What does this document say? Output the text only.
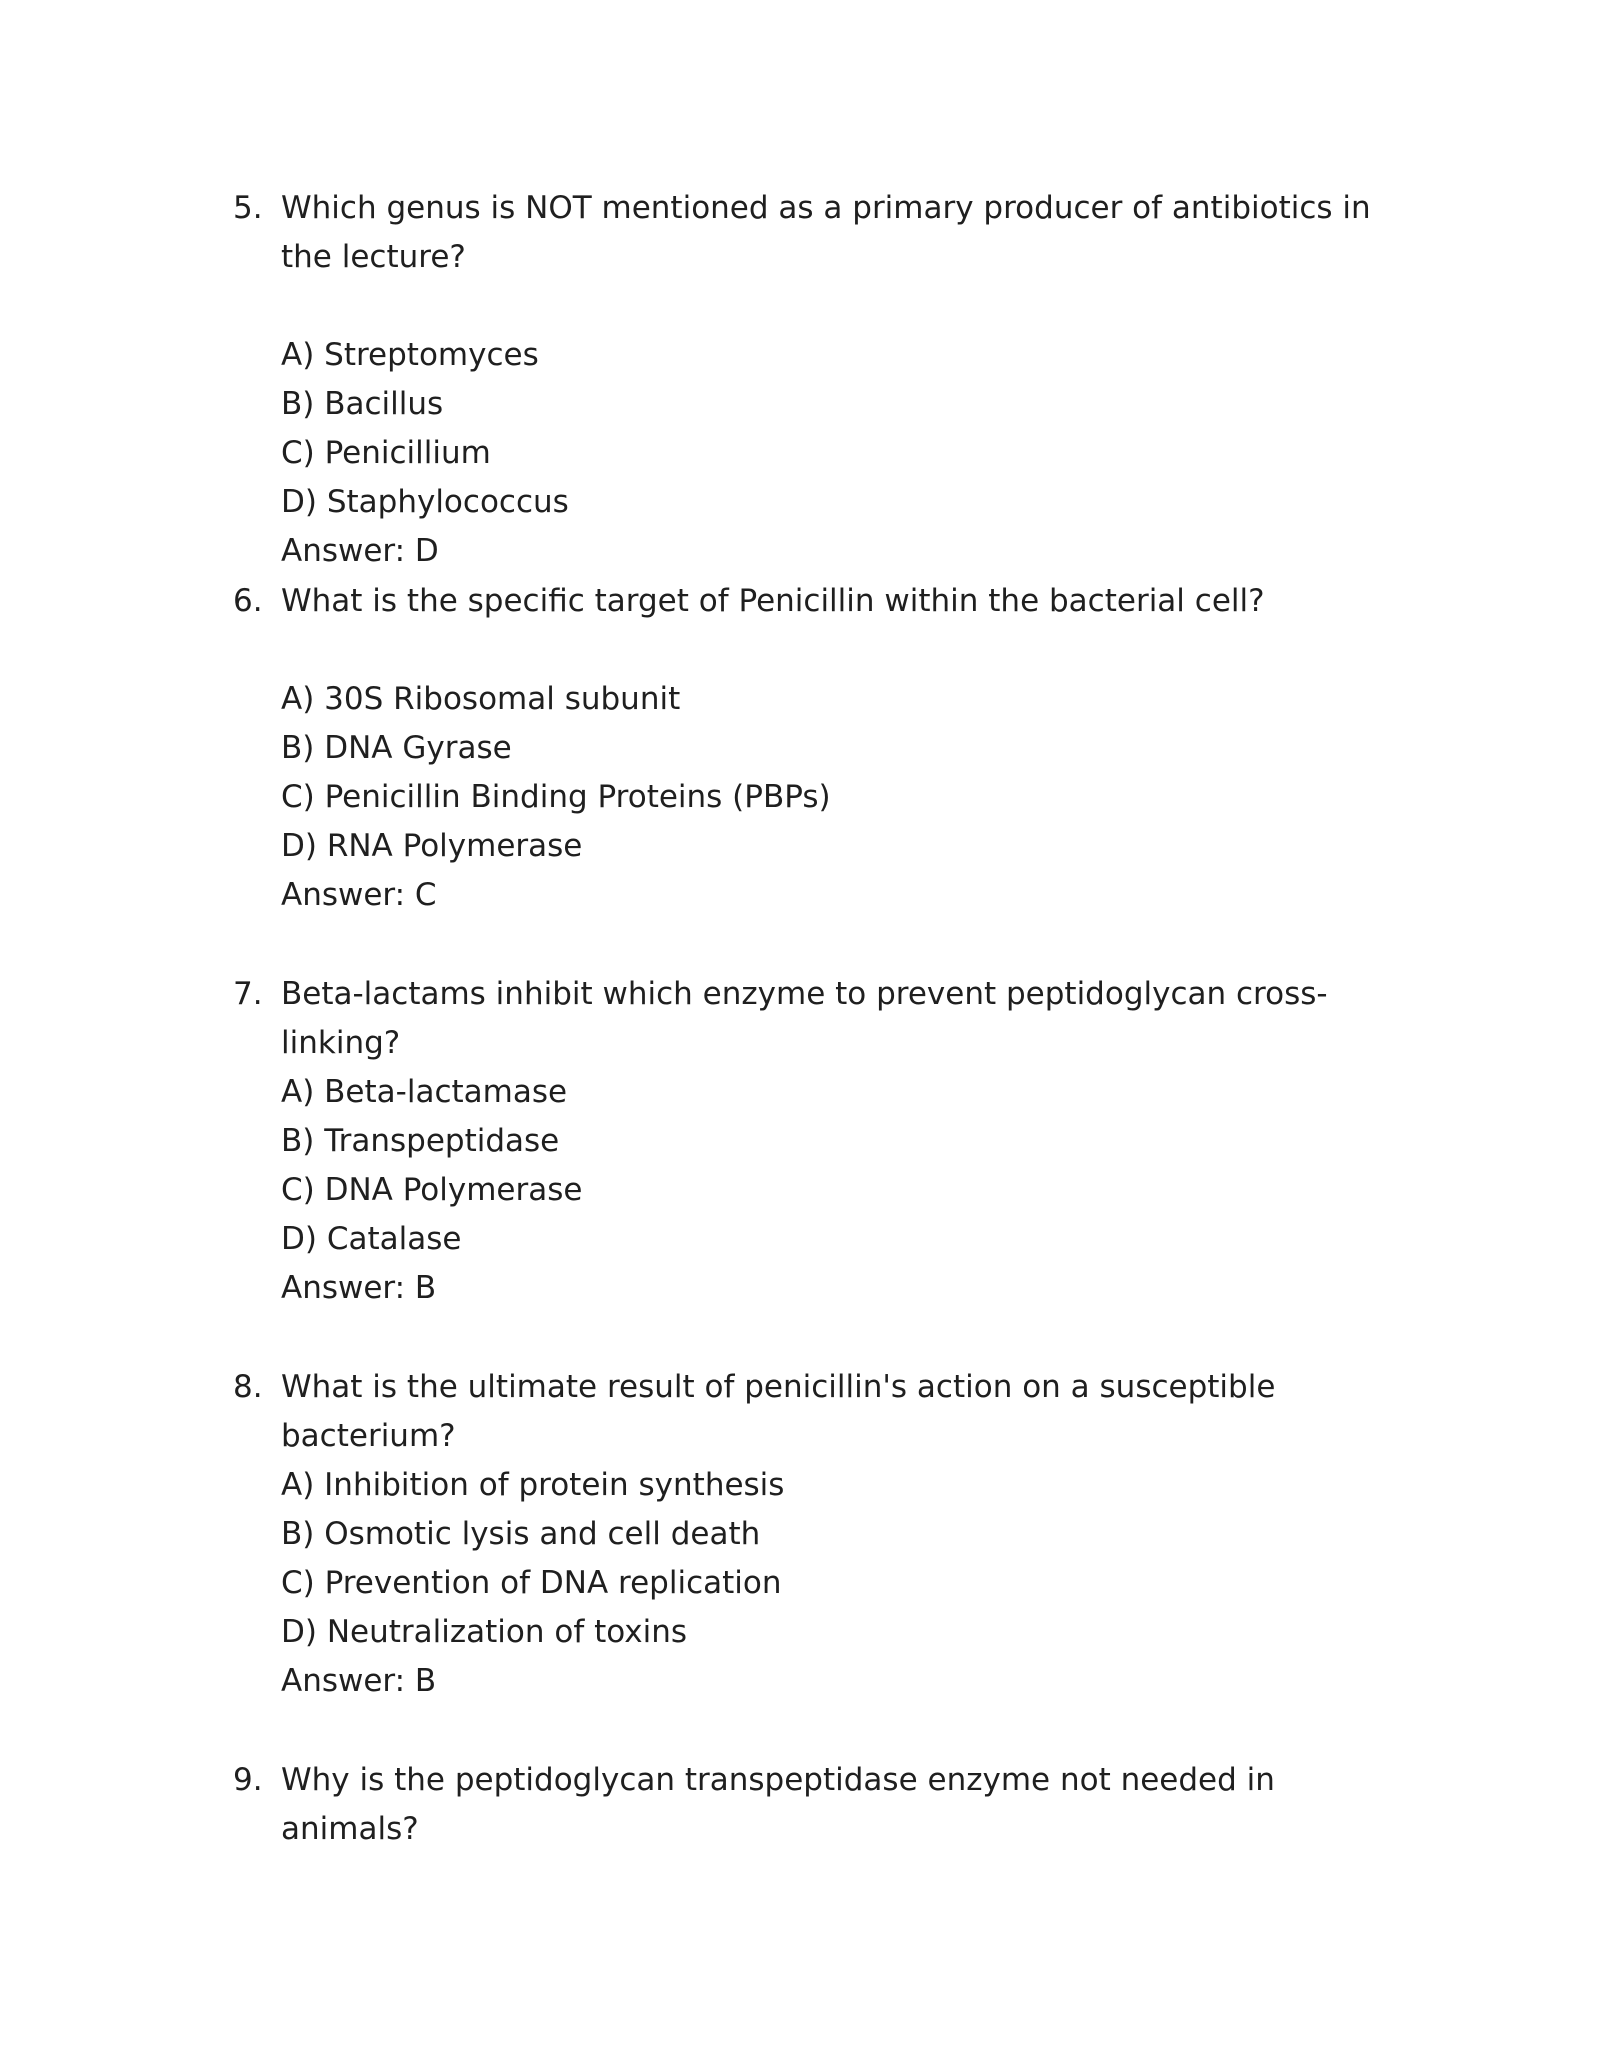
5. Which genus is NOT mentioned as a primary producer of antibiotics in the lecture?
A) Streptomyces
B) Bacillus
C) Penicillium
D) Staphylococcus
Answer: D
6. What is the specific target of Penicillin within the bacterial cell?
A) 30S Ribosomal subunit
B) DNA Gyrase
C) Penicillin Binding Proteins (PBPs)
D) RNA Polymerase
Answer: C
7. Beta-lactams inhibit which enzyme to prevent peptidoglycan cross-linking?
A) Beta-lactamase
B) Transpeptidase
C) DNA Polymerase
D) Catalase
Answer: B
8. What is the ultimate result of penicillin's action on a susceptible bacterium?
A) Inhibition of protein synthesis
B) Osmotic lysis and cell death
C) Prevention of DNA replication
D) Neutralization of toxins
Answer: B
9. Why is the peptidoglycan transpeptidase enzyme not needed in animals?
